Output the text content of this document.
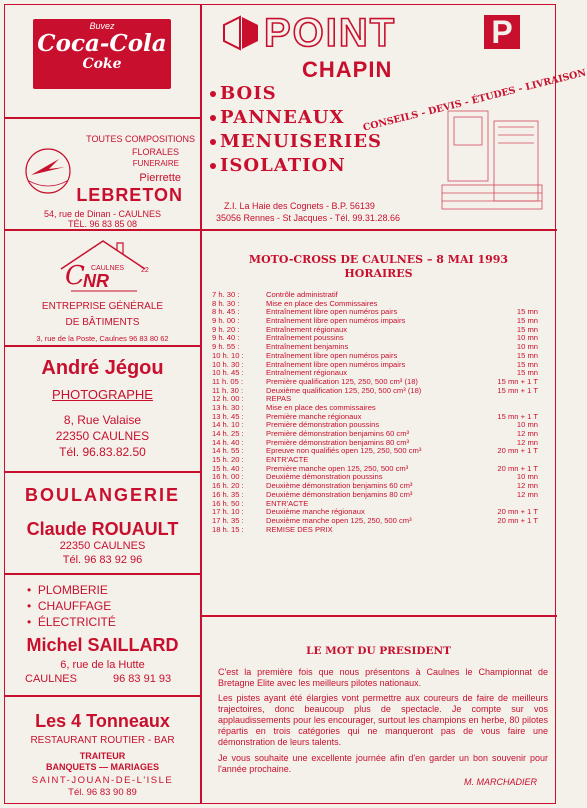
Buvez
Coca-Cola
Coke
TOUTES COMPOSITIONS
FLORALES
FUNERAIRE
Pierrette
LEBRETON
54, rue de Dinan - CAULNES
TÉL. 96 83 85 08
C
NR
CAULNES 22
ENTREPRISE GÉNÉRALE
DE BÂTIMENTS
3, rue de la Poste, Caulnes 96 83 80 62
André Jégou
PHOTOGRAPHE
8, Rue Valaise
22350 CAULNES
Tél. 96.83.82.50
BOULANGERIE
Claude ROUAULT
22350 CAULNES
Tél. 96 83 92 96
•  PLOMBERIE
•  CHAUFFAGE
•  ÉLECTRICITÉ
Michel SAILLARD
6, rue de la Hutte
CAULNES	96 83 91 93
Les 4 Tonneaux
RESTAURANT ROUTIER - BAR
TRAITEUR
BANQUETS — MARIAGES
SAINT-JOUAN-DE-L'ISLE
Tél. 96 83 90 89
POINT	P
CHAPIN
BOIS
PANNEAUX
MENUISERIES
ISOLATION
CONSEILS - DEVIS - ÉTUDES - LIVRAISON
Z.I. La Haie des Cognets - B.P. 56139
35056 Rennes - St Jacques - Tél. 99.31.28.66
MOTO-CROSS DE CAULNES – 8 MAI 1993
HORAIRES
7 h. 30 :	Contrôle administratif
8 h. 30 :	Mise en place des Commissaires
8 h. 45 :	Entraînement libre open numéros pairs	15 mn
9 h. 00 :	Entraînement libre open numéros impairs	15 mn
9 h. 20 :	Entraînement régionaux	15 mn
9 h. 40 :	Entraînement poussins	10 mn
9 h. 55 :	Entraînement benjamins	10 mn
10 h. 10 :	Entraînement libre open numéros pairs	15 mn
10 h. 30 :	Entraînement libre open numéros impairs	15 mn
10 h. 45 :	Entraînement régionaux	15 mn
11 h. 05 :	Première qualification 125, 250, 500 cm³ (18)	15 mn + 1 T
11 h. 30 :	Deuxième qualification 125, 250, 500 cm³ (18)	15 mn + 1 T
12 h. 00 :	REPAS
13 h. 30 :	Mise en place des commissaires
13 h. 45 :	Première manche régionaux	15 mn + 1 T
14 h. 10 :	Première démonstration poussins	10 mn
14 h. 25 :	Première démonstration benjamins 60 cm³	12 mn
14 h. 40 :	Première démonstration benjamins 80 cm³	12 mn
14 h. 55 :	Epreuve non qualifiés open 125, 250, 500 cm³	20 mn + 1 T
15 h. 20 :	ENTR'ACTE
15 h. 40 :	Première manche open 125, 250, 500 cm³	20 mn + 1 T
16 h. 00 :	Deuxième démonstration poussins	10 mn
16 h. 20 :	Deuxième démonstration benjamins 60 cm³	12 mn
16 h. 35 :	Deuxième démonstration benjamins 80 cm³	12 mn
16 h. 50 :	ENTR'ACTE
17 h. 10 :	Deuxième manche régionaux	20 mn + 1 T
17 h. 35 :	Deuxième manche open 125, 250, 500 cm³	20 mn + 1 T
18 h. 15 :	REMISE DES PRIX
LE MOT DU PRESIDENT
C'est la première fois que nous présentons à Caulnes le Championnat de Bretagne Elite avec les meilleurs pilotes nationaux.
Les pistes ayant été élargies vont permettre aux coureurs de faire de meilleurs trajectoires, donc beaucoup plus de spectacle. Je compte sur vos applaudissements pour les encourager, surtout les champions en herbe, 80 pilotes répartis en trois catégories qui ne manqueront pas de vous faire une démonstration de leurs talents.
Je vous souhaite une excellente journée afin d'en garder un bon souvenir pour l'année prochaine.
M. MARCHADIER
